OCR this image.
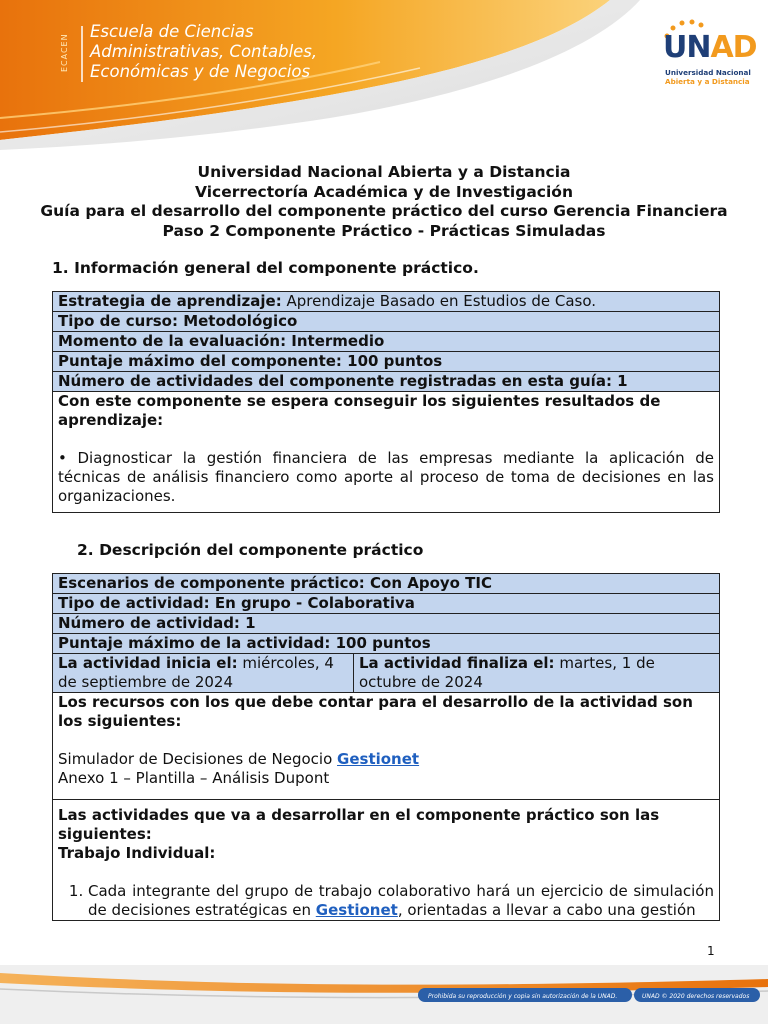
ECACEN
Escuela de Ciencias
Administrativas, Contables,
Económicas y de Negocios
UNAD
Universidad Nacional
Abierta y a Distancia
Universidad Nacional Abierta y a Distancia
Vicerrectoría Académica y de Investigación
Guía para el desarrollo del componente práctico del curso Gerencia Financiera
Paso 2 Componente Práctico - Prácticas Simuladas
1. Información general del componente práctico.
Estrategia de aprendizaje: Aprendizaje Basado en Estudios de Caso.
Tipo de curso: Metodológico
Momento de la evaluación: Intermedio
Puntaje máximo del componente: 100 puntos
Número de actividades del componente registradas en esta guía: 1

Con este componente se espera conseguir los siguientes resultados de aprendizaje:
• Diagnosticar la gestión financiera de las empresas mediante la aplicación de técnicas de análisis financiero como aporte al proceso de toma de decisiones en las organizaciones.
2. Descripción del componente práctico
Escenarios de componente práctico: Con Apoyo TIC
Tipo de actividad: En grupo - Colaborativa
Número de actividad: 1
Puntaje máximo de la actividad: 100 puntos
La actividad inicia el: miércoles, 4 de septiembre de 2024	La actividad finaliza el: martes, 1 de octubre de 2024

Los recursos con los que debe contar para el desarrollo de la actividad son los siguientes:
Simulador de Decisiones de Negocio Gestionet
Anexo 1 – Plantilla – Análisis Dupont

Las actividades que va a desarrollar en el componente práctico son las siguientes:
Trabajo Individual:
1. Cada integrante del grupo de trabajo colaborativo hará un ejercicio de simulación de decisiones estratégicas en Gestionet, orientadas a llevar a cabo una gestión
1
Prohibida su reproducción y copia sin autorización de la UNAD.	UNAD © 2020 derechos reservados
